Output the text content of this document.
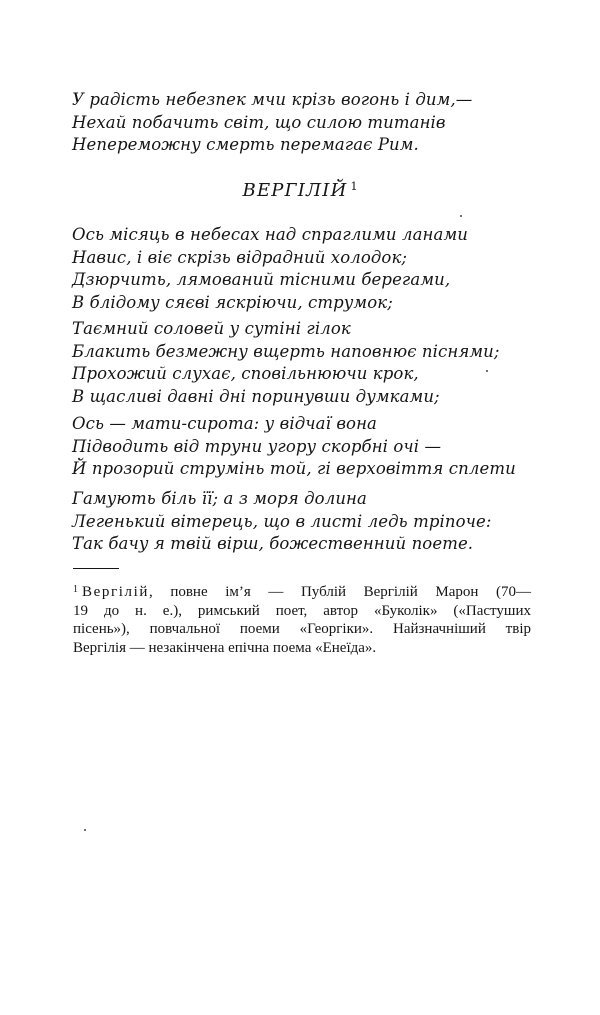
У радість небезпек мчи крізь вогонь і дим,—
Нехай побачить світ, що силою титанів
Непереможну смерть перемагає Рим.
ВЕРГІЛІЙ $^1$
Ось місяць в небесах над спраглими ланами
Навис, і віє скрізь відрадний холодок;
Дзюрчить, лямований тісними берегами,
В блідому сяєві яскріючи, струмок;
Таємний соловей у сутіні гілок
Блакить безмежну вщерть наповнює піснями;
Прохожий слухає, сповільнюючи крок,
В щасливі давні дні поринувши думками;
Ось — мати-сирота: у відчаї вона
Підводить від труни угору скорбні очі —
Й прозорий струмінь той, гі верховіття сплети
Гамують біль її; а з моря долина
Легенький вітерець, що в листі ледь тріпоче:
Так бачу я твій вірш, божественний поете.
$^1$ Вергілій, повне ім’я — Публій Вергілій Марон (70—
19 до н. е.), римський поет, автор «Буколік» («Пастуших
пісень»), повчальної поеми «Георгіки». Найзначніший твір
Вергілія — незакінчена епічна поема «Енеїда».
